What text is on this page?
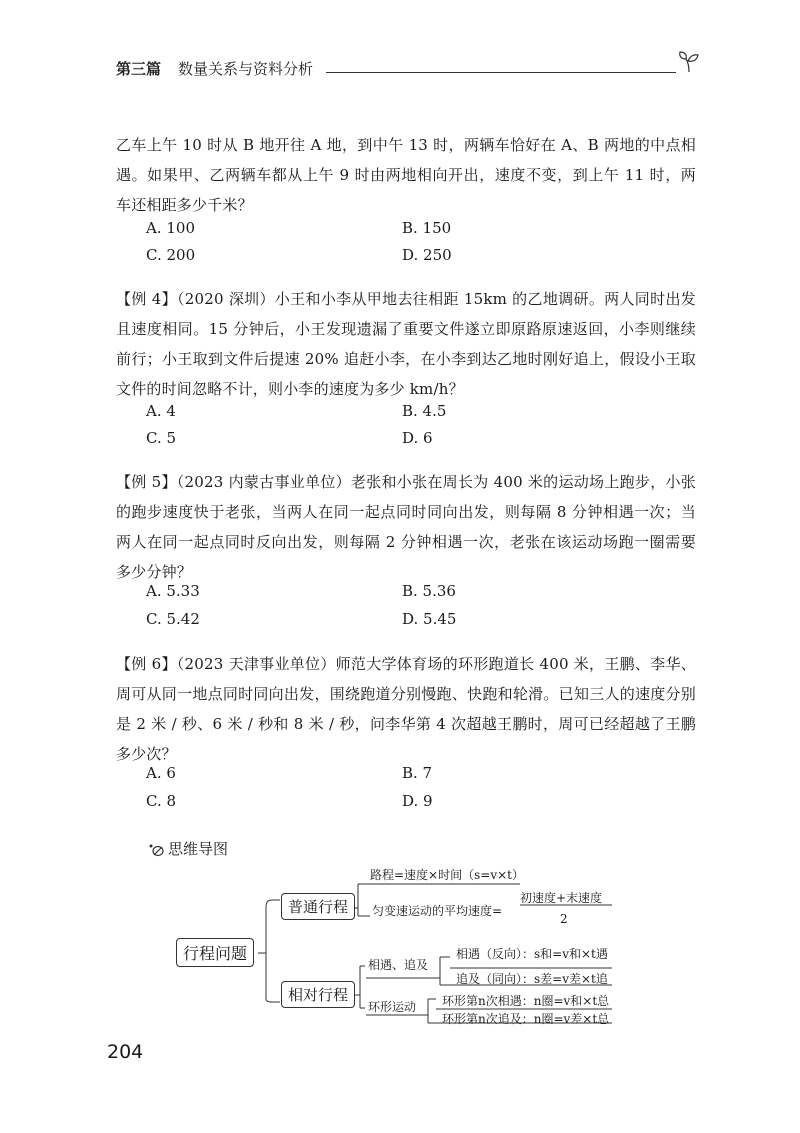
第三篇 数量关系与资料分析
乙车上午 10 时从 B 地开往 A 地，到中午 13 时，两辆车恰好在 A、B 两地的中点相遇。如果甲、乙两辆车都从上午 9 时由两地相向开出，速度不变，到上午 11 时，两车还相距多少千米？
A. 100	B. 150
C. 200	D. 250
【例 4】（2020 深圳）小王和小李从甲地去往相距 15km 的乙地调研。两人同时出发且速度相同。15 分钟后，小王发现遗漏了重要文件遂立即原路原速返回，小李则继续前行；小王取到文件后提速 20% 追赶小李，在小李到达乙地时刚好追上，假设小王取文件的时间忽略不计，则小李的速度为多少 km/h？
A. 4	B. 4.5
C. 5	D. 6
【例 5】（2023 内蒙古事业单位）老张和小张在周长为 400 米的运动场上跑步，小张的跑步速度快于老张，当两人在同一起点同时同向出发，则每隔 8 分钟相遇一次；当两人在同一起点同时反向出发，则每隔 2 分钟相遇一次，老张在该运动场跑一圈需要多少分钟？
A. 5.33	B. 5.36
C. 5.42	D. 5.45
【例 6】（2023 天津事业单位）师范大学体育场的环形跑道长 400 米，王鹏、李华、周可从同一地点同时同向出发，围绕跑道分别慢跑、快跑和轮滑。已知三人的速度分别是 2 米 / 秒、6 米 / 秒和 8 米 / 秒，问李华第 4 次超越王鹏时，周可已经超越了王鹏多少次？
A. 6	B. 7
C. 8	D. 9
思维导图
行程问题
普通行程
相对行程
路程=速度×时间（s=v×t）
匀变速运动的平均速度=
初速度+末速度
2
相遇、追及
相遇（反向）：s和=v和×t遇
追及（同向）：s差=v差×t追
环形运动 环形第n次相遇：n圈=v和×t总
环形第n次追及：n圈=v差×t总
204
